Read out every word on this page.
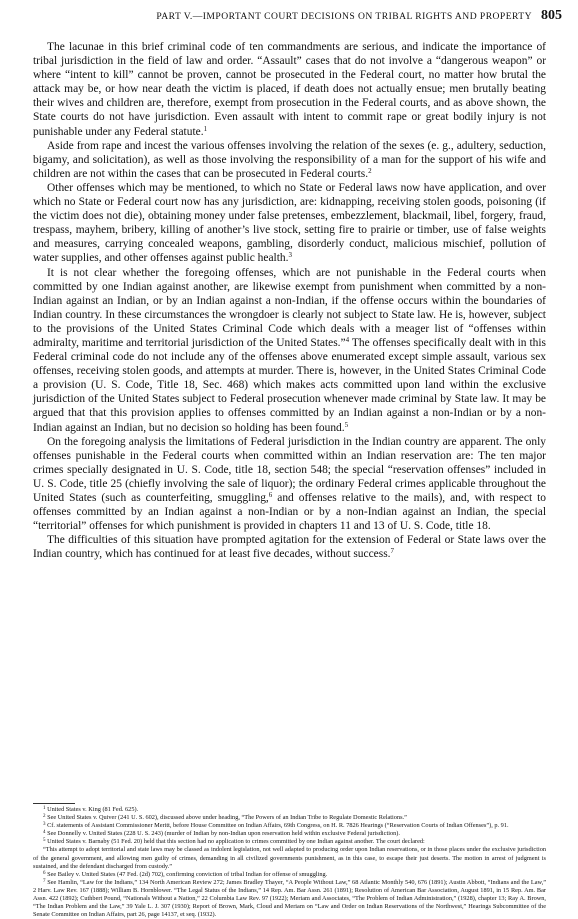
PART V.—IMPORTANT COURT DECISIONS ON TRIBAL RIGHTS AND PROPERTY 805

The lacunae in this brief criminal code of ten commandments are serious, and indicate the importance of tribal jurisdiction in the field of law and order. “Assault” cases that do not involve a “dangerous weapon” or where “intent to kill” cannot be proven, cannot be prosecuted in the Federal court, no matter how brutal the attack may be, or how near death the victim is placed, if death does not actually ensue; men brutally beating their wives and children are, therefore, exempt from prosecution in the Federal courts, and as above shown, the State courts do not have jurisdiction. Even assault with intent to commit rape or great bodily injury is not punishable under any Federal statute.$^1$

Aside from rape and incest the various offenses involving the relation of the sexes (e. g., adultery, seduction, bigamy, and solicitation), as well as those involving the responsibility of a man for the support of his wife and children are not within the cases that can be prosecuted in Federal courts.$^2$

Other offenses which may be mentioned, to which no State or Federal laws now have application, and over which no State or Federal court now has any jurisdiction, are: kidnapping, receiving stolen goods, poisoning (if the victim does not die), obtaining money under false pretenses, embezzlement, blackmail, libel, forgery, fraud, trespass, mayhem, bribery, killing of another’s live stock, setting fire to prairie or timber, use of false weights and measures, carrying concealed weapons, gambling, disorderly conduct, malicious mischief, pollution of water supplies, and other offenses against public health.$^3$

It is not clear whether the foregoing offenses, which are not punishable in the Federal courts when committed by one Indian against another, are likewise exempt from punishment when committed by a non-Indian against an Indian, or by an Indian against a non-Indian, if the offense occurs within the boundaries of Indian country. In these circumstances the wrongdoer is clearly not subject to State law. He is, however, subject to the provisions of the United States Criminal Code which deals with a meager list of “offenses within admiralty, maritime and territorial jurisdiction of the United States.”$^4$ The offenses specifically dealt with in this Federal criminal code do not include any of the offenses above enumerated except simple assault, various sex offenses, receiving stolen goods, and attempts at murder. There is, however, in the United States Criminal Code a provision (U. S. Code, Title 18, Sec. 468) which makes acts committed upon land within the exclusive jurisdiction of the United States subject to Federal prosecution whenever made criminal by State law. It may be argued that that this provision applies to offenses committed by an Indian against a non-Indian or by a non-Indian against an Indian, but no decision so holding has been found.$^5$

On the foregoing analysis the limitations of Federal jurisdiction in the Indian country are apparent. The only offenses punishable in the Federal courts when committed within an Indian reservation are: The ten major crimes specially designated in U. S. Code, title 18, section 548; the special “reservation offenses” included in U. S. Code, title 25 (chiefly involving the sale of liquor); the ordinary Federal crimes applicable throughout the United States (such as counterfeiting, smuggling,$^6$ and offenses relative to the mails), and, with respect to offenses committed by an Indian against a non-Indian or by a non-Indian against an Indian, the special “territorial” offenses for which punishment is provided in chapters 11 and 13 of U. S. Code, title 18.

The difficulties of this situation have prompted agitation for the extension of Federal or State laws over the Indian country, which has continued for at least five decades, without success.$^7$

$^1$ United States v. King (81 Fed. 625).

$^2$ See United States v. Quiver (241 U. S. 602), discussed above under heading, “The Powers of an Indian Tribe to Regulate Domestic Relations.”

$^3$ Cf. statements of Assistant Commissioner Meritt, before House Committee on Indian Affairs, 69th Congress, on H. R. 7826 Hearings (“Reservation Courts of Indian Offenses”), p. 91.

$^4$ See Donnelly v. United States (228 U. S. 243) (murder of Indian by non-Indian upon reservation held within exclusive Federal jurisdiction).

$^5$ United States v. Barnaby (51 Fed. 20) held that this section had no application to crimes committed by one Indian against another. The court declared:

“This attempt to adopt territorial and state laws may be classed as indolent legislation, not well adapted to producing order upon Indian reservations, or in those places under the exclusive jurisdiction of the general government, and allowing men guilty of crimes, demanding in all civilized governments punishment, as in this case, to escape their just deserts. The motion in arrest of judgment is sustained, and the defendant discharged from custody.”

$^6$ See Bailey v. United States (47 Fed. (2d) 702), confirming conviction of tribal Indian for offense of smuggling.

$^7$ See Hamlin, “Law for the Indians,” 134 North American Review 272; James Bradley Thayer, “A People Without Law,” 68 Atlantic Monthly 540, 676 (1891); Austin Abbott, “Indians and the Law,” 2 Harv. Law Rev. 167 (1888); William B. Hornblower. “The Legal Status of the Indians,” 14 Rep. Am. Bar Assn. 261 (1891); Resolution of American Bar Association, August 1891, in 15 Rep. Am. Bar Assn. 422 (1892); Cuthbert Pound, “Nationals Without a Nation,” 22 Columbia Law Rev. 97 (1922); Meriam and Associates, “The Problem of Indian Administration,” (1928), chapter 13; Ray A. Brown, “The Indian Problem and the Law,” 39 Yale L. J. 307 (1930); Report of Brown, Mark, Cloud and Meriam on “Law and Order on Indian Reservations of the Northwest,” Hearings Subcommittee of the Senate Committee on Indian Affairs, part 26, page 14137, et seq. (1932).
